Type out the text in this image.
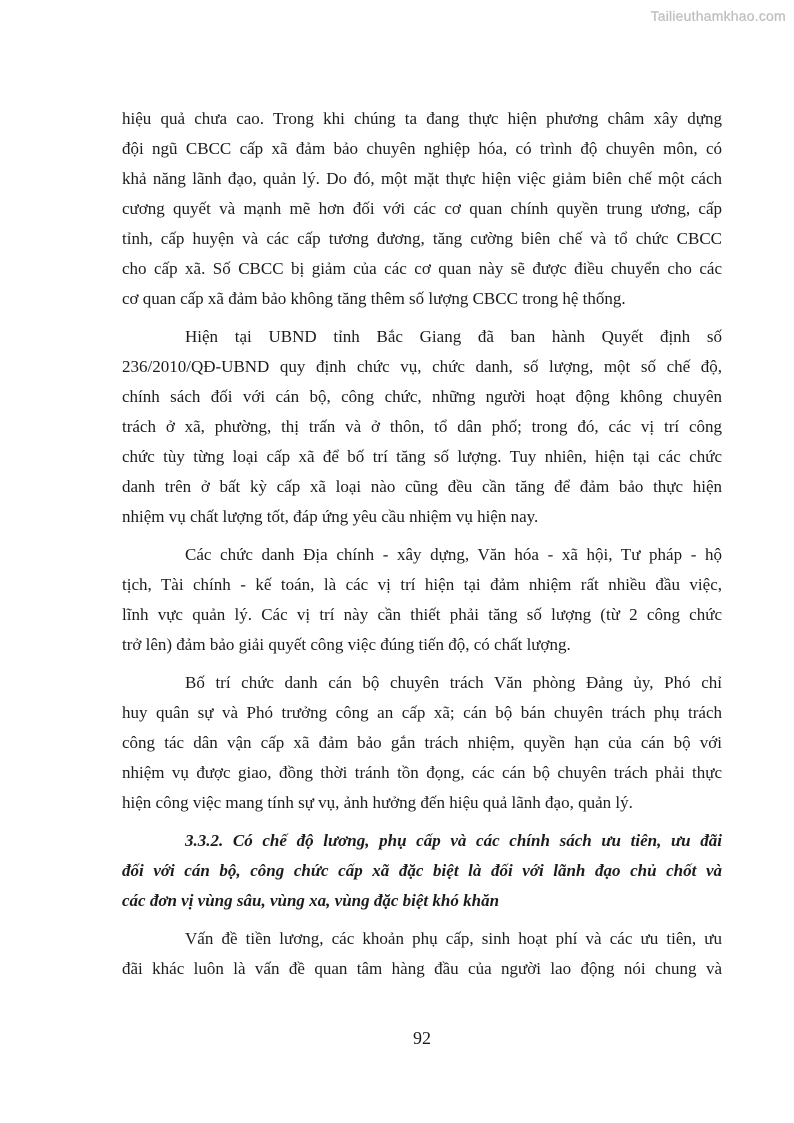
Tailieuthamkhao.com
hiệu quả chưa cao. Trong khi chúng ta đang thực hiện phương châm xây dựng
đội ngũ CBCC cấp xã đảm bảo chuyên nghiệp hóa, có trình độ chuyên môn, có
khả năng lãnh đạo, quản lý. Do đó, một mặt thực hiện việc giảm biên chế một cách
cương quyết và mạnh mẽ hơn đối với các cơ quan chính quyền trung ương, cấp
tỉnh, cấp huyện và các cấp tương đương, tăng cường biên chế và tổ chức CBCC
cho cấp xã. Số CBCC bị giảm của các cơ quan này sẽ được điều chuyển cho các
cơ quan cấp xã đảm bảo không tăng thêm số lượng CBCC trong hệ thống.
Hiện tại UBND tỉnh Bắc Giang đã ban hành Quyết định số
236/2010/QĐ-UBND quy định chức vụ, chức danh, số lượng, một số chế độ,
chính sách đối với cán bộ, công chức, những người hoạt động không chuyên
trách ở xã, phường, thị trấn và ở thôn, tổ dân phố; trong đó, các vị trí công
chức tùy từng loại cấp xã để bố trí tăng số lượng. Tuy nhiên, hiện tại các chức
danh trên ở bất kỳ cấp xã loại nào cũng đều cần tăng để đảm bảo thực hiện
nhiệm vụ chất lượng tốt, đáp ứng yêu cầu nhiệm vụ hiện nay.
Các chức danh Địa chính - xây dựng, Văn hóa - xã hội, Tư pháp - hộ
tịch, Tài chính - kế toán, là các vị trí hiện tại đảm nhiệm rất nhiều đầu việc,
lĩnh vực quản lý. Các vị trí này cần thiết phải tăng số lượng (từ 2 công chức
trở lên) đảm bảo giải quyết công việc đúng tiến độ, có chất lượng.
Bố trí chức danh cán bộ chuyên trách Văn phòng Đảng ủy, Phó chỉ
huy quân sự và Phó trưởng công an cấp xã; cán bộ bán chuyên trách phụ trách
công tác dân vận cấp xã đảm bảo gắn trách nhiệm, quyền hạn của cán bộ với
nhiệm vụ được giao, đồng thời tránh tồn đọng, các cán bộ chuyên trách phải thực
hiện công việc mang tính sự vụ, ảnh hưởng đến hiệu quả lãnh đạo, quản lý.
3.3.2. Có chế độ lương, phụ cấp và các chính sách ưu tiên, ưu đãi
đối với cán bộ, công chức cấp xã đặc biệt là đối với lãnh đạo chủ chốt và
các đơn vị vùng sâu, vùng xa, vùng đặc biệt khó khăn
Vấn đề tiền lương, các khoản phụ cấp, sinh hoạt phí và các ưu tiên, ưu
đãi khác luôn là vấn đề quan tâm hàng đầu của người lao động nói chung và
92
